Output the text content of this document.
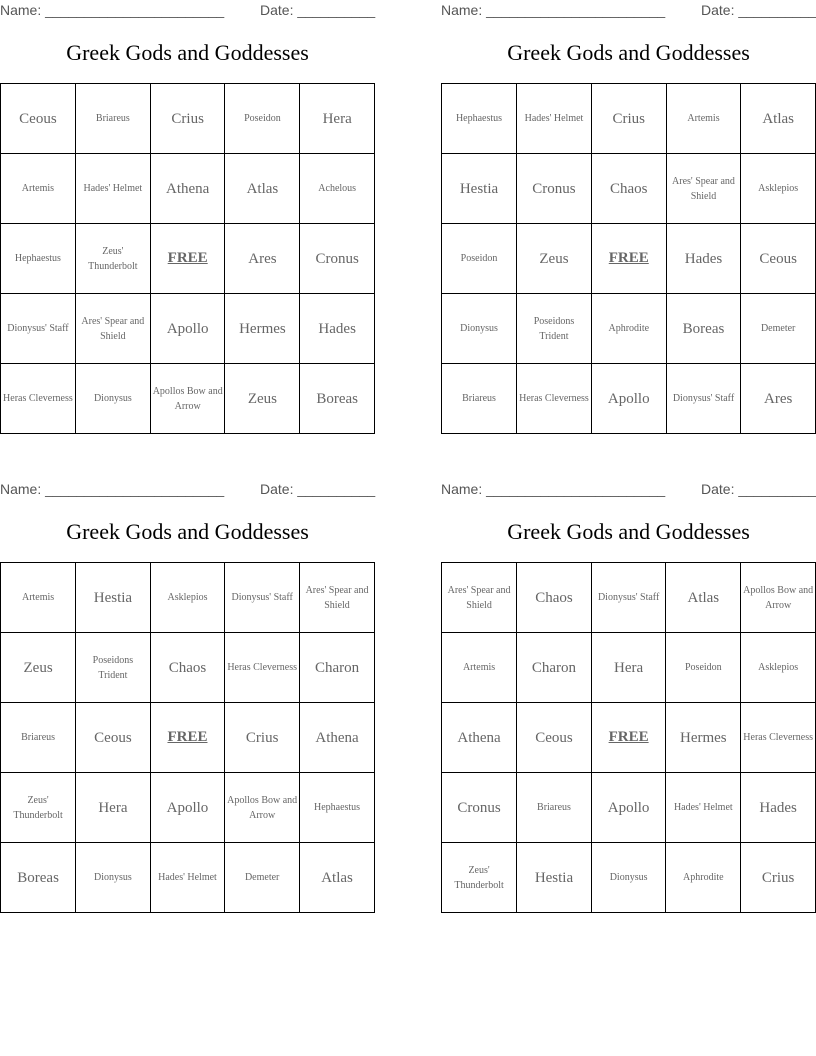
Name: _______________________	Date: __________
Greek Gods and Goddesses
Ceous	Briareus	Crius	Poseidon	Hera
Artemis	Hades' Helmet	Athena	Atlas	Achelous
Hephaestus	Zeus' Thunderbolt	FREE	Ares	Cronus
Dionysus' Staff	Ares' Spear and Shield	Apollo	Hermes	Hades
Heras Cleverness	Dionysus	Apollos Bow and Arrow	Zeus	Boreas
Name: _______________________	Date: __________
Greek Gods and Goddesses
Hephaestus	Hades' Helmet	Crius	Artemis	Atlas
Hestia	Cronus	Chaos	Ares' Spear and Shield	Asklepios
Poseidon	Zeus	FREE	Hades	Ceous
Dionysus	Poseidons Trident	Aphrodite	Boreas	Demeter
Briareus	Heras Cleverness	Apollo	Dionysus' Staff	Ares
Name: _______________________	Date: __________
Greek Gods and Goddesses
Artemis	Hestia	Asklepios	Dionysus' Staff	Ares' Spear and Shield
Zeus	Poseidons Trident	Chaos	Heras Cleverness	Charon
Briareus	Ceous	FREE	Crius	Athena
Zeus' Thunderbolt	Hera	Apollo	Apollos Bow and Arrow	Hephaestus
Boreas	Dionysus	Hades' Helmet	Demeter	Atlas
Name: _______________________	Date: __________
Greek Gods and Goddesses
Ares' Spear and Shield	Chaos	Dionysus' Staff	Atlas	Apollos Bow and Arrow
Artemis	Charon	Hera	Poseidon	Asklepios
Athena	Ceous	FREE	Hermes	Heras Cleverness
Cronus	Briareus	Apollo	Hades' Helmet	Hades
Zeus' Thunderbolt	Hestia	Dionysus	Aphrodite	Crius
